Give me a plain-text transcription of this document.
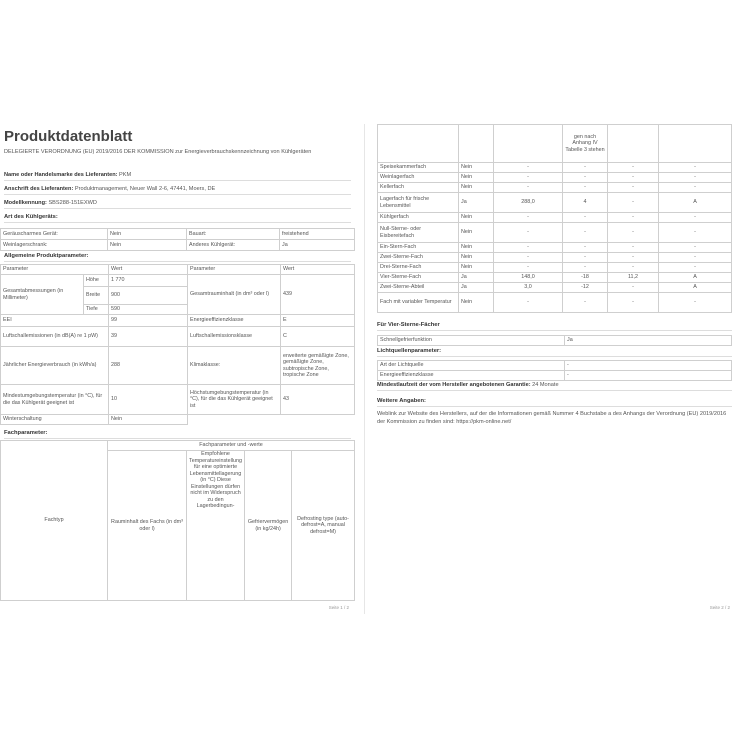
Produktdatenblatt
DELEGIERTE VERORDNUNG (EU) 2019/2016 DER KOMMISSION zur Energieverbrauchskennzeichnung von Kühlgeräten
Name oder Handelsmarke des Lieferanten: PKM
Anschrift des Lieferanten: Produktmanagement, Neuer Wall 2-6, 47441, Moers, DE
Modellkennung: SBS288-151EXWD
Art des Kühlgeräts:
Geräuscharmes Gerät:	Nein	Bauart:	freistehend
Weinlagerschrank:	Nein	Anderes Kühlgerät:	Ja
Allgemeine Produktparameter:
Parameter		Wert	Parameter	Wert
Gesamtabmessungen (in Millimeter)	Höhe	1 770	Gesamtrauminhalt (in dm³ oder l)	439
	Breite	900		
	Tiefe	590		
EEI		99	Energieeffizienzklasse	E
Luftschallemissionen (in dB(A) re 1 pW)		39	Luftschallemissionsklasse	C
Jährlicher Energieverbrauch (in kWh/a)		288	Klimaklasse:	erweiterte gemäßigte Zone, gemäßigte Zone, subtropische Zone, tropische Zone
Mindestumgebungstemperatur (in °C), für die das Kühlgerät geeignet ist		10	Höchstumgebungstemperatur (in °C), für die das Kühlgerät geeignet ist	43
Winterschaltung		Nein		
Fachparameter:
Fachtyp	Fachparameter und -werte			
	Rauminhalt des Fachs (in dm³ oder l)	Empfohlene Temperatureinstellung für eine optimierte Lebensmittellagerung (in °C) Diese Einstellungen dürfen nicht im Widerspruch zu den Lagerbedingun-	Gefriervermögen (in kg/24h)	Defrosting type (auto-defrost=A, manual defrost=M)
Seite 1 / 2
			gen nach Anhang IV Tabelle 3 stehen		
Speisekammerfach	Nein	-	-	-	-
Weinlagerfach	Nein	-	-	-	-
Kellerfach	Nein	-	-	-	-
Lagerfach für frische Lebensmittel	Ja	288,0	4	-	A
Kühlgerfach	Nein	-	-	-	-
Null-Sterne- oder Eisbereitefach	Nein	-	-	-	-
Ein-Stern-Fach	Nein	-	-	-	-
Zwei-Sterne-Fach	Nein	-	-	-	-
Drei-Sterne-Fach	Nein	-	-	-	-
Vier-Sterne-Fach	Ja	148,0	-18	11,2	A
Zwei-Sterne-Abteil	Ja	3,0	-12	-	A
Fach mit variabler Temperatur	Nein	-	-	-	-
Für Vier-Sterne-Fächer
Schnellgefrierfunktion	Ja
Lichtquellenparameter:
Art der Lichtquelle	-
Energieeffizienzklasse	-
Mindestlaufzeit der vom Hersteller angebotenen Garantie: 24 Monate
Weitere Angaben:
Weblink zur Website des Herstellers, auf der die Informationen gemäß Nummer 4 Buchstabe a des Anhangs der Verordnung (EU) 2019/2016 der Kommission zu finden sind: https://pkm-online.net/
Seite 2 / 2
